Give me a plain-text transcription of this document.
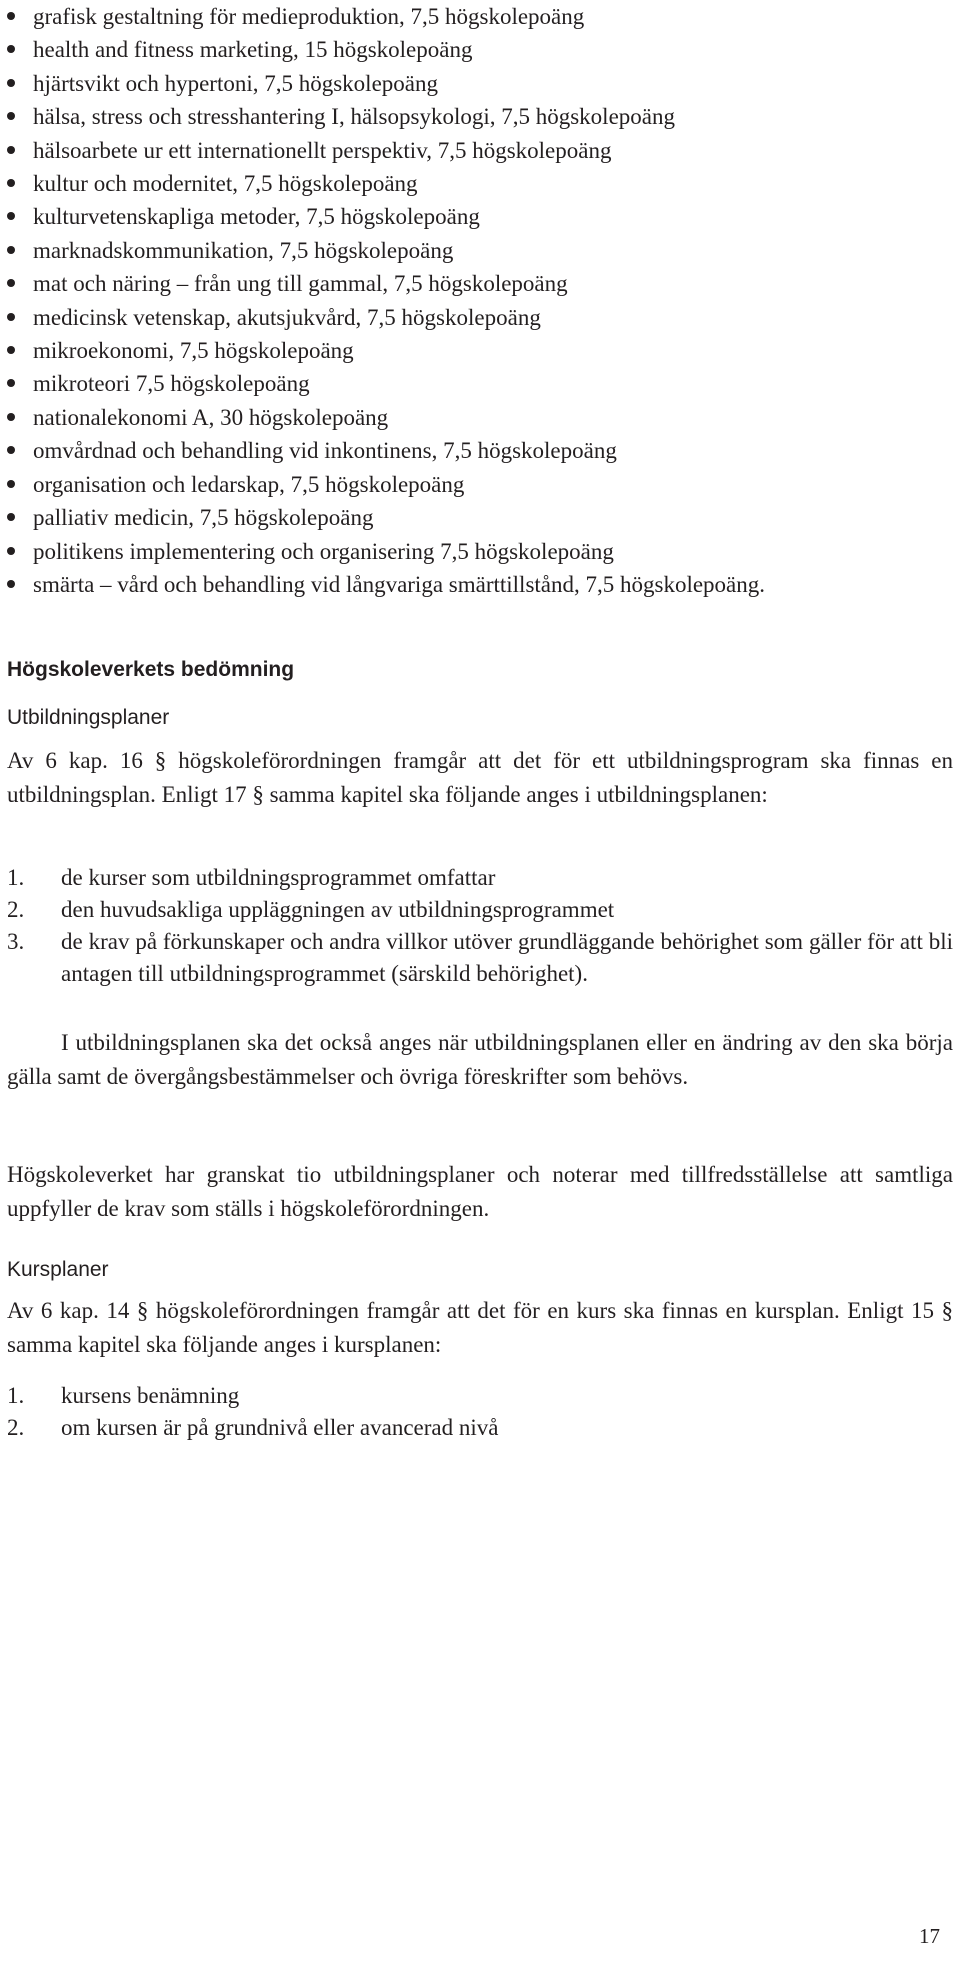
grafisk gestaltning för medieproduktion, 7,5 högskolepoäng
health and fitness marketing, 15 högskolepoäng
hjärtsvikt och hypertoni, 7,5 högskolepoäng
hälsa, stress och stresshantering I, hälsopsykologi, 7,5 högskolepoäng
hälsoarbete ur ett internationellt perspektiv, 7,5 högskolepoäng
kultur och modernitet, 7,5 högskolepoäng
kulturvetenskapliga metoder, 7,5 högskolepoäng
marknadskommunikation, 7,5 högskolepoäng
mat och näring – från ung till gammal, 7,5 högskolepoäng
medicinsk vetenskap, akutsjukvård, 7,5 högskolepoäng
mikroekonomi, 7,5 högskolepoäng
mikroteori 7,5 högskolepoäng
nationalekonomi A, 30 högskolepoäng
omvårdnad och behandling vid inkontinens, 7,5 högskolepoäng
organisation och ledarskap, 7,5 högskolepoäng
palliativ medicin, 7,5 högskolepoäng
politikens implementering och organisering 7,5 högskolepoäng
smärta – vård och behandling vid långvariga smärttillstånd, 7,5 högskolepoäng.
Högskoleverkets bedömning
Utbildningsplaner

Av 6 kap. 16 § högskoleförordningen framgår att det för ett utbildningsprogram ska finnas en utbildningsplan. Enligt 17 § samma kapitel ska följande anges i utbildningsplanen:

1. de kurser som utbildningsprogrammet omfattar
2. den huvudsakliga uppläggningen av utbildningsprogrammet
3. de krav på förkunskaper och andra villkor utöver grundläggande behörighet som gäller för att bli antagen till utbildningsprogrammet (särskild behörighet).

I utbildningsplanen ska det också anges när utbildningsplanen eller en ändring av den ska börja gälla samt de övergångsbestämmelser och övriga föreskrifter som behövs.

Högskoleverket har granskat tio utbildningsplaner och noterar med tillfredsställelse att samtliga uppfyller de krav som ställs i högskoleförordningen.

Kursplaner

Av 6 kap. 14 § högskoleförordningen framgår att det för en kurs ska finnas en kursplan. Enligt 15 § samma kapitel ska följande anges i kursplanen:

1. kursens benämning
2. om kursen är på grundnivå eller avancerad nivå
17
